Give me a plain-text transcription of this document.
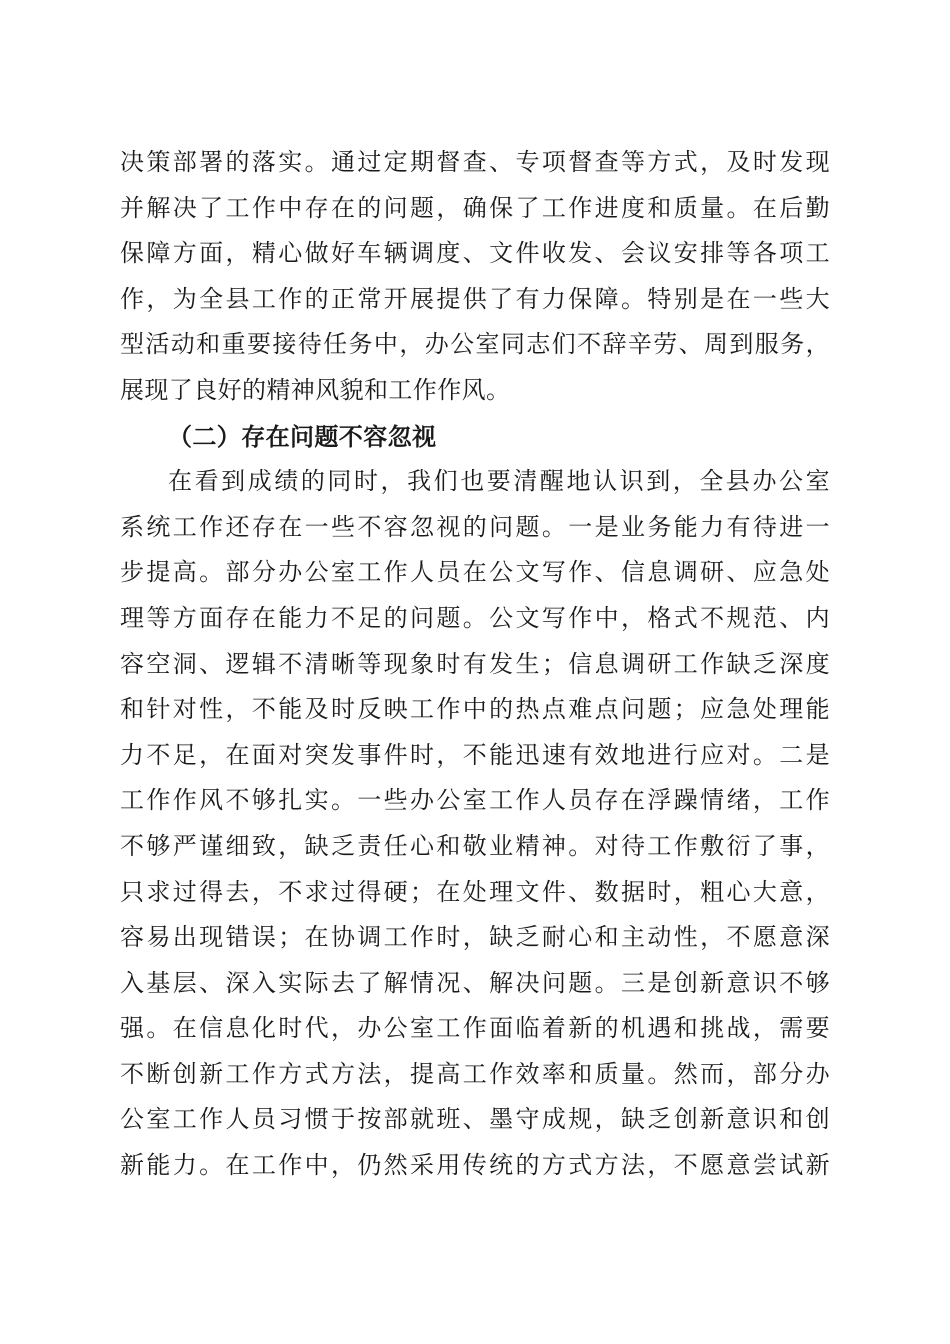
决策部署的落实。通过定期督查、专项督查等方式，及时发现
并解决了工作中存在的问题，确保了工作进度和质量。在后勤
保障方面，精心做好车辆调度、文件收发、会议安排等各项工
作，为全县工作的正常开展提供了有力保障。特别是在一些大
型活动和重要接待任务中，办公室同志们不辞辛劳、周到服务，
展现了良好的精神风貌和工作作风。
（二）存在问题不容忽视
在看到成绩的同时，我们也要清醒地认识到，全县办公室
系统工作还存在一些不容忽视的问题。一是业务能力有待进一
步提高。部分办公室工作人员在公文写作、信息调研、应急处
理等方面存在能力不足的问题。公文写作中，格式不规范、内
容空洞、逻辑不清晰等现象时有发生；信息调研工作缺乏深度
和针对性，不能及时反映工作中的热点难点问题；应急处理能
力不足，在面对突发事件时，不能迅速有效地进行应对。二是
工作作风不够扎实。一些办公室工作人员存在浮躁情绪，工作
不够严谨细致，缺乏责任心和敬业精神。对待工作敷衍了事，
只求过得去，不求过得硬；在处理文件、数据时，粗心大意，
容易出现错误；在协调工作时，缺乏耐心和主动性，不愿意深
入基层、深入实际去了解情况、解决问题。三是创新意识不够
强。在信息化时代，办公室工作面临着新的机遇和挑战，需要
不断创新工作方式方法，提高工作效率和质量。然而，部分办
公室工作人员习惯于按部就班、墨守成规，缺乏创新意识和创
新能力。在工作中，仍然采用传统的方式方法，不愿意尝试新
